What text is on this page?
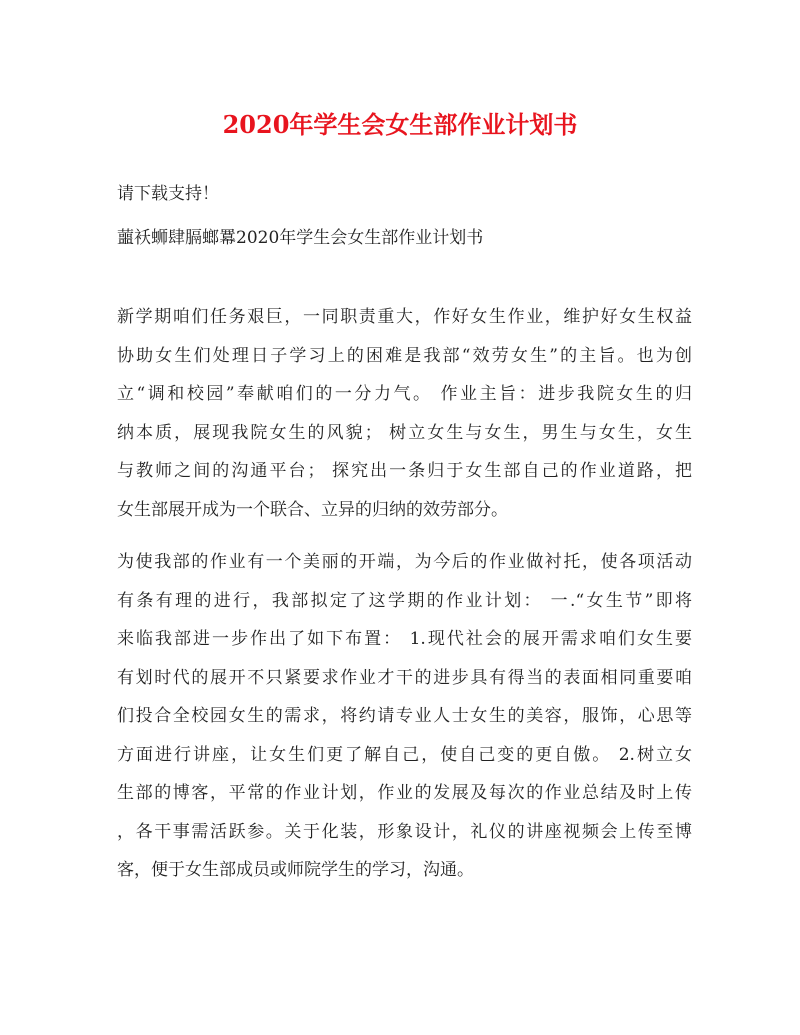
2020年学生会女生部作业计划书
请下载支持！
蘁袄蛳肆膈螂羃2020年学生会女生部作业计划书
新学期咱们任务艰巨，一同职责重大，作好女生作业，维护好女生权益
协助女生们处理日子学习上的困难是我部“效劳女生”的主旨。也为创
立“调和校园”奉献咱们的一分力气。 作业主旨：进步我院女生的归
纳本质，展现我院女生的风貌； 树立女生与女生，男生与女生，女生
与教师之间的沟通平台； 探究出一条归于女生部自己的作业道路，把
女生部展开成为一个联合、立异的归纳的效劳部分。
为使我部的作业有一个美丽的开端，为今后的作业做衬托，使各项活动
有条有理的进行，我部拟定了这学期的作业计划： 一.“女生节”即将
来临我部进一步作出了如下布置： 1.现代社会的展开需求咱们女生要
有划时代的展开不只紧要求作业才干的进步具有得当的表面相同重要咱
们投合全校园女生的需求，将约请专业人士女生的美容，服饰，心思等
方面进行讲座，让女生们更了解自己，使自己变的更自傲。 2.树立女
生部的博客，平常的作业计划，作业的发展及每次的作业总结及时上传
，各干事需活跃参。关于化装，形象设计，礼仪的讲座视频会上传至博
客，便于女生部成员或师院学生的学习，沟通。
